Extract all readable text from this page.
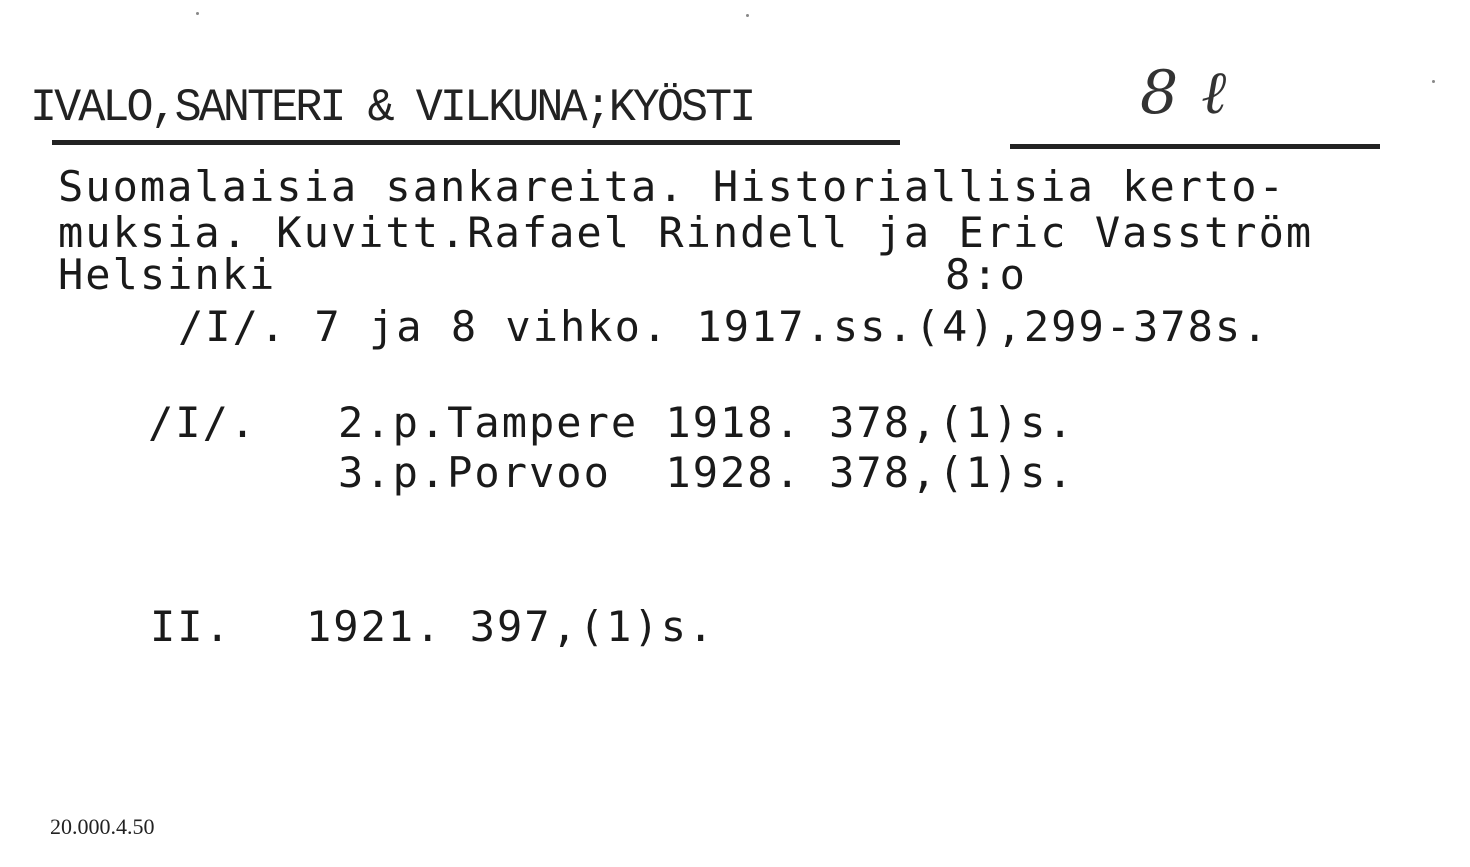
IVALO,SANTERI & VILKUNA;KYÖSTI	8 ℓ
Suomalaisia sankareita. Historiallisia kerto-
muksia. Kuvitt.Rafael Rindell ja Eric Vasström
Helsinki	8:o
/I/. 7 ja 8 vihko. 1917.ss.(4),299-378s.
/I/. 2.p.Tampere 1918. 378,(1)s.
3.p.Porvoo  1928. 378,(1)s.
II. 1921. 397,(1)s.
20.000.4.50
